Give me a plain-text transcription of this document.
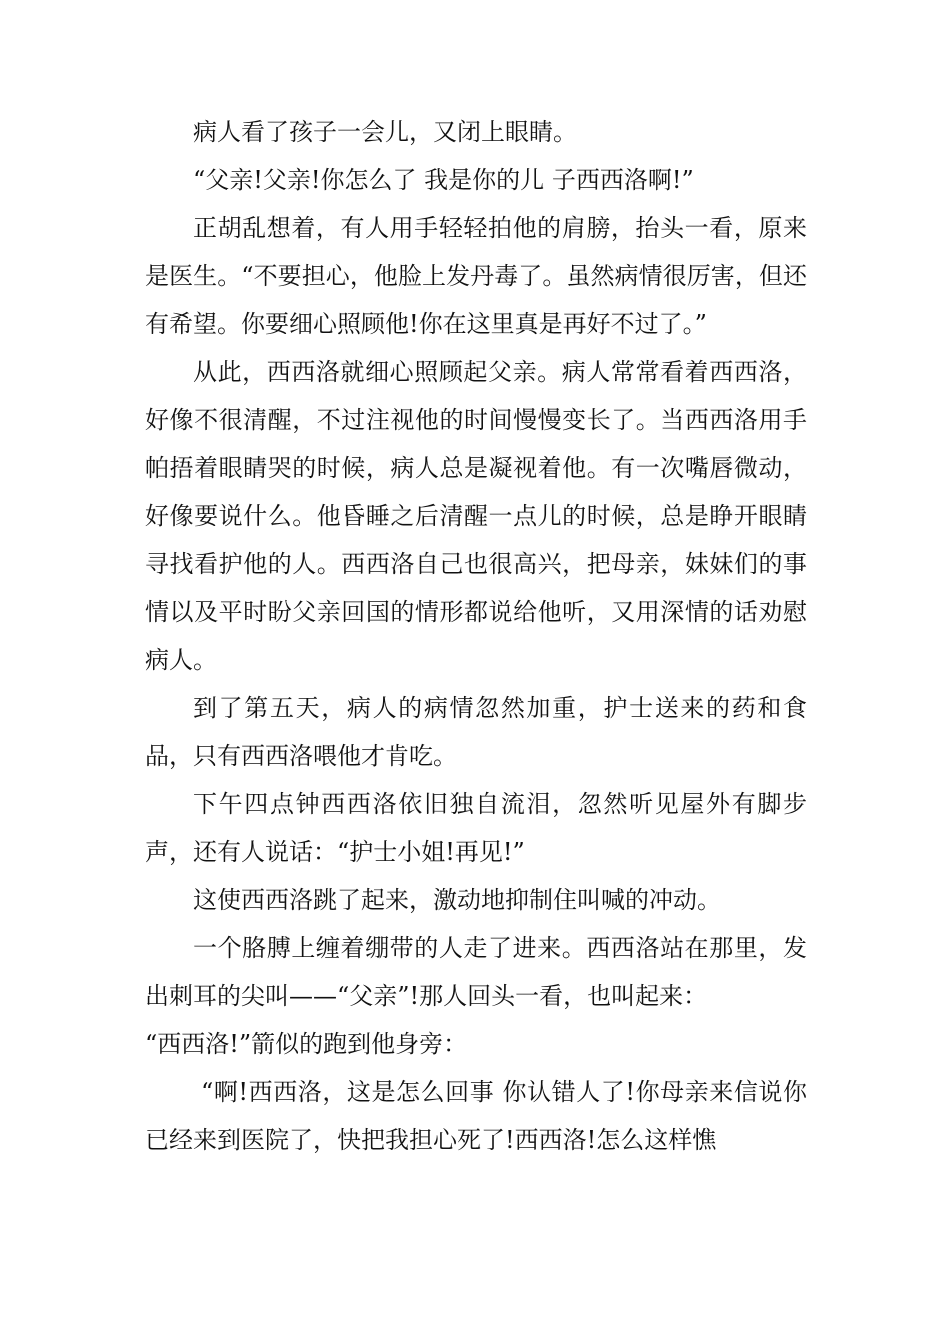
病人看了孩子一会儿，又闭上眼睛。

“父亲!父亲!你怎么了 我是你的儿 子西西洛啊!”

正胡乱想着，有人用手轻轻拍他的肩膀，抬头一看，原来是医生。“不要担心，他脸上发丹毒了。虽然病情很厉害，但还有希望。你要细心照顾他!你在这里真是再好不过了。”

从此，西西洛就细心照顾起父亲。病人常常看着西西洛，好像不很清醒，不过注视他的时间慢慢变长了。当西西洛用手帕捂着眼睛哭的时候，病人总是凝视着他。有一次嘴唇微动，好像要说什么。他昏睡之后清醒一点儿的时候，总是睁开眼睛寻找看护他的人。西西洛自己也很高兴，把母亲，妹妹们的事情以及平时盼父亲回国的情形都说给他听，又用深情的话劝慰病人。

到了第五天，病人的病情忽然加重，护士送来的药和食品，只有西西洛喂他才肯吃。

下午四点钟西西洛依旧独自流泪，忽然听见屋外有脚步声，还有人说话：“护士小姐!再见!”

这使西西洛跳了起来，激动地抑制住叫喊的冲动。

一个胳膊上缠着绷带的人走了进来。西西洛站在那里，发出刺耳的尖叫——“父亲”!那人回头一看，也叫起来：

“西西洛!”箭似的跑到他身旁：

“啊!西西洛，这是怎么回事 你认错人了!你母亲来信说你已经来到医院了，快把我担心死了!西西洛!怎么这样憔
